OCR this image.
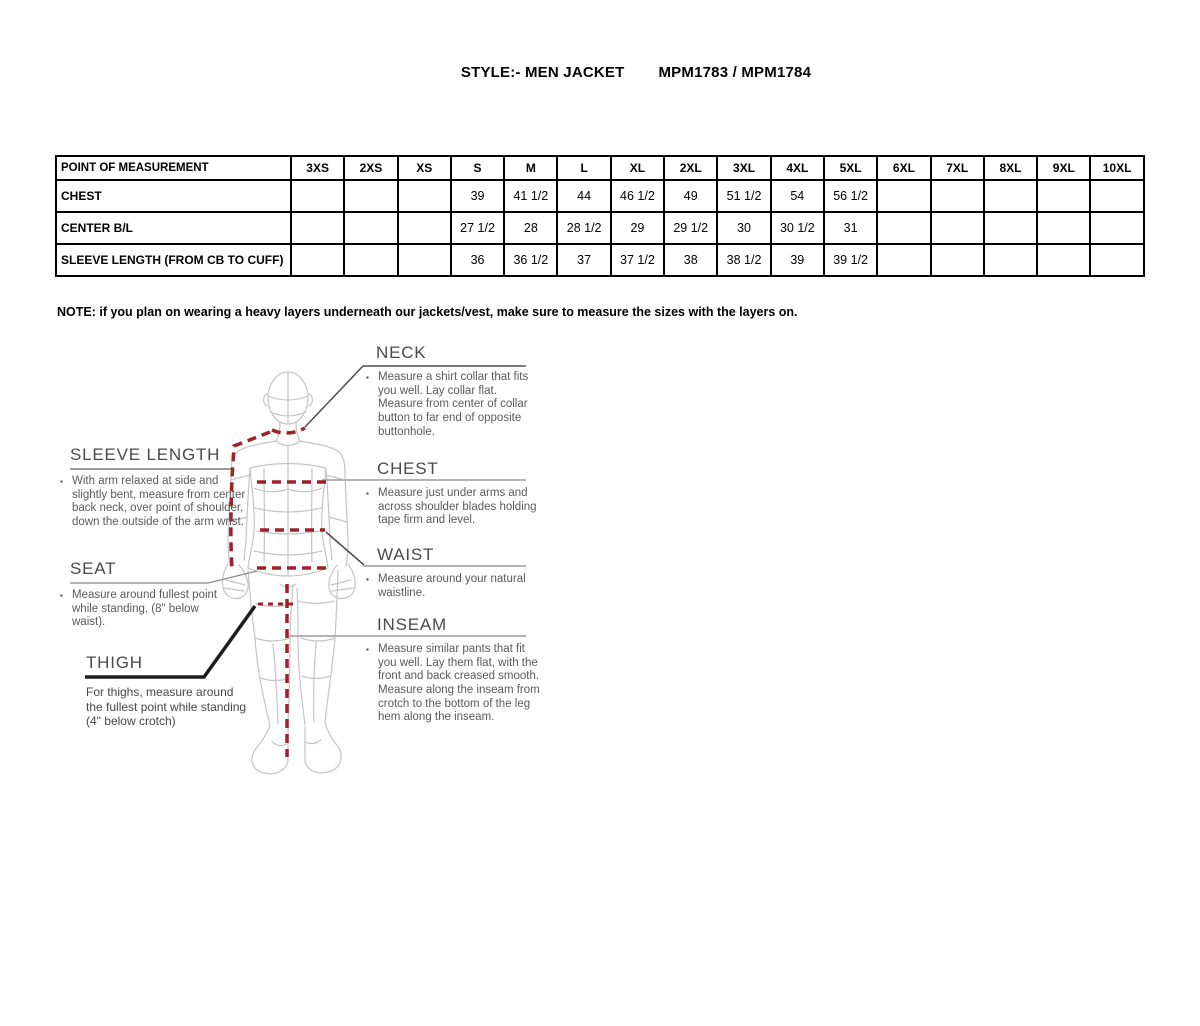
STYLE:- MEN JACKET MPM1783 / MPM1784
POINT OF MEASUREMENT	3XS	2XS	XS	S	M	L	XL	2XL	3XL	4XL	5XL	6XL	7XL	8XL	9XL	10XL
CHEST				39	41 1/2	44	46 1/2	49	51 1/2	54	56 1/2					
CENTER B/L				27 1/2	28	28 1/2	29	29 1/2	30	30 1/2	31					
SLEEVE LENGTH (FROM CB TO CUFF)				36	36 1/2	37	37 1/2	38	38 1/2	39	39 1/2					
NOTE: if you plan on wearing a heavy layers underneath our jackets/vest, make sure to measure the sizes with the layers on.
NECK
▪ Measure a shirt collar that fits you well. Lay collar flat. Measure from center of collar button to far end of opposite buttonhole.
CHEST
▪ Measure just under arms and across shoulder blades holding tape firm and level.
WAIST
▪ Measure around your natural waistline.
INSEAM
▪ Measure similar pants that fit you well. Lay them flat, with the front and back creased smooth. Measure along the inseam from crotch to the bottom of the leg hem along the inseam.
SLEEVE LENGTH
▪ With arm relaxed at side and slightly bent, measure from center back neck, over point of shoulder, down the outside of the arm wrist.
SEAT
▪ Measure around fullest point while standing. (8" below waist).
THIGH
For thighs, measure around the fullest point while standing (4" below crotch)
